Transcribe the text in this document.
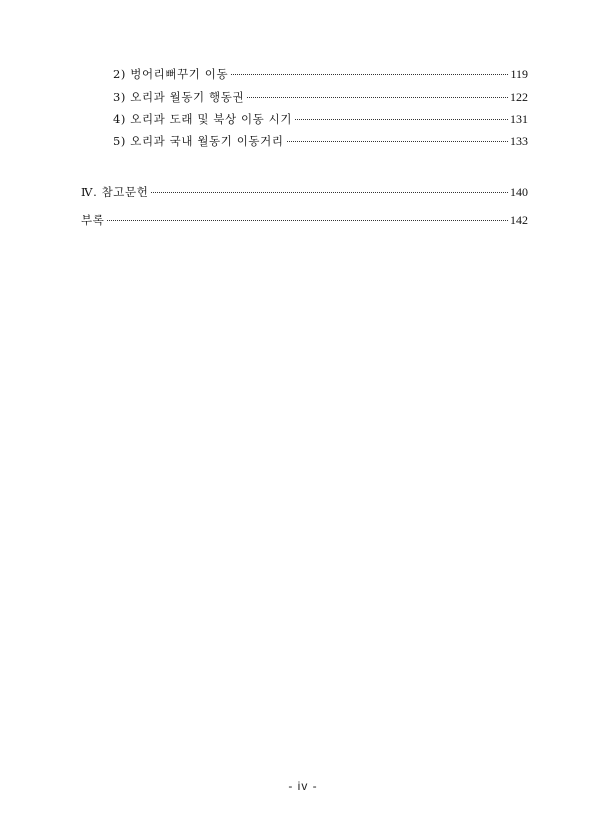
2) 벙어리뻐꾸기 이동	119
3) 오리과 월동기 행동권	122
4) 오리과 도래 및 북상 이동 시기	131
5) 오리과 국내 월동기 이동거리	133
Ⅳ. 참고문헌	140
부록	142
- iv -
